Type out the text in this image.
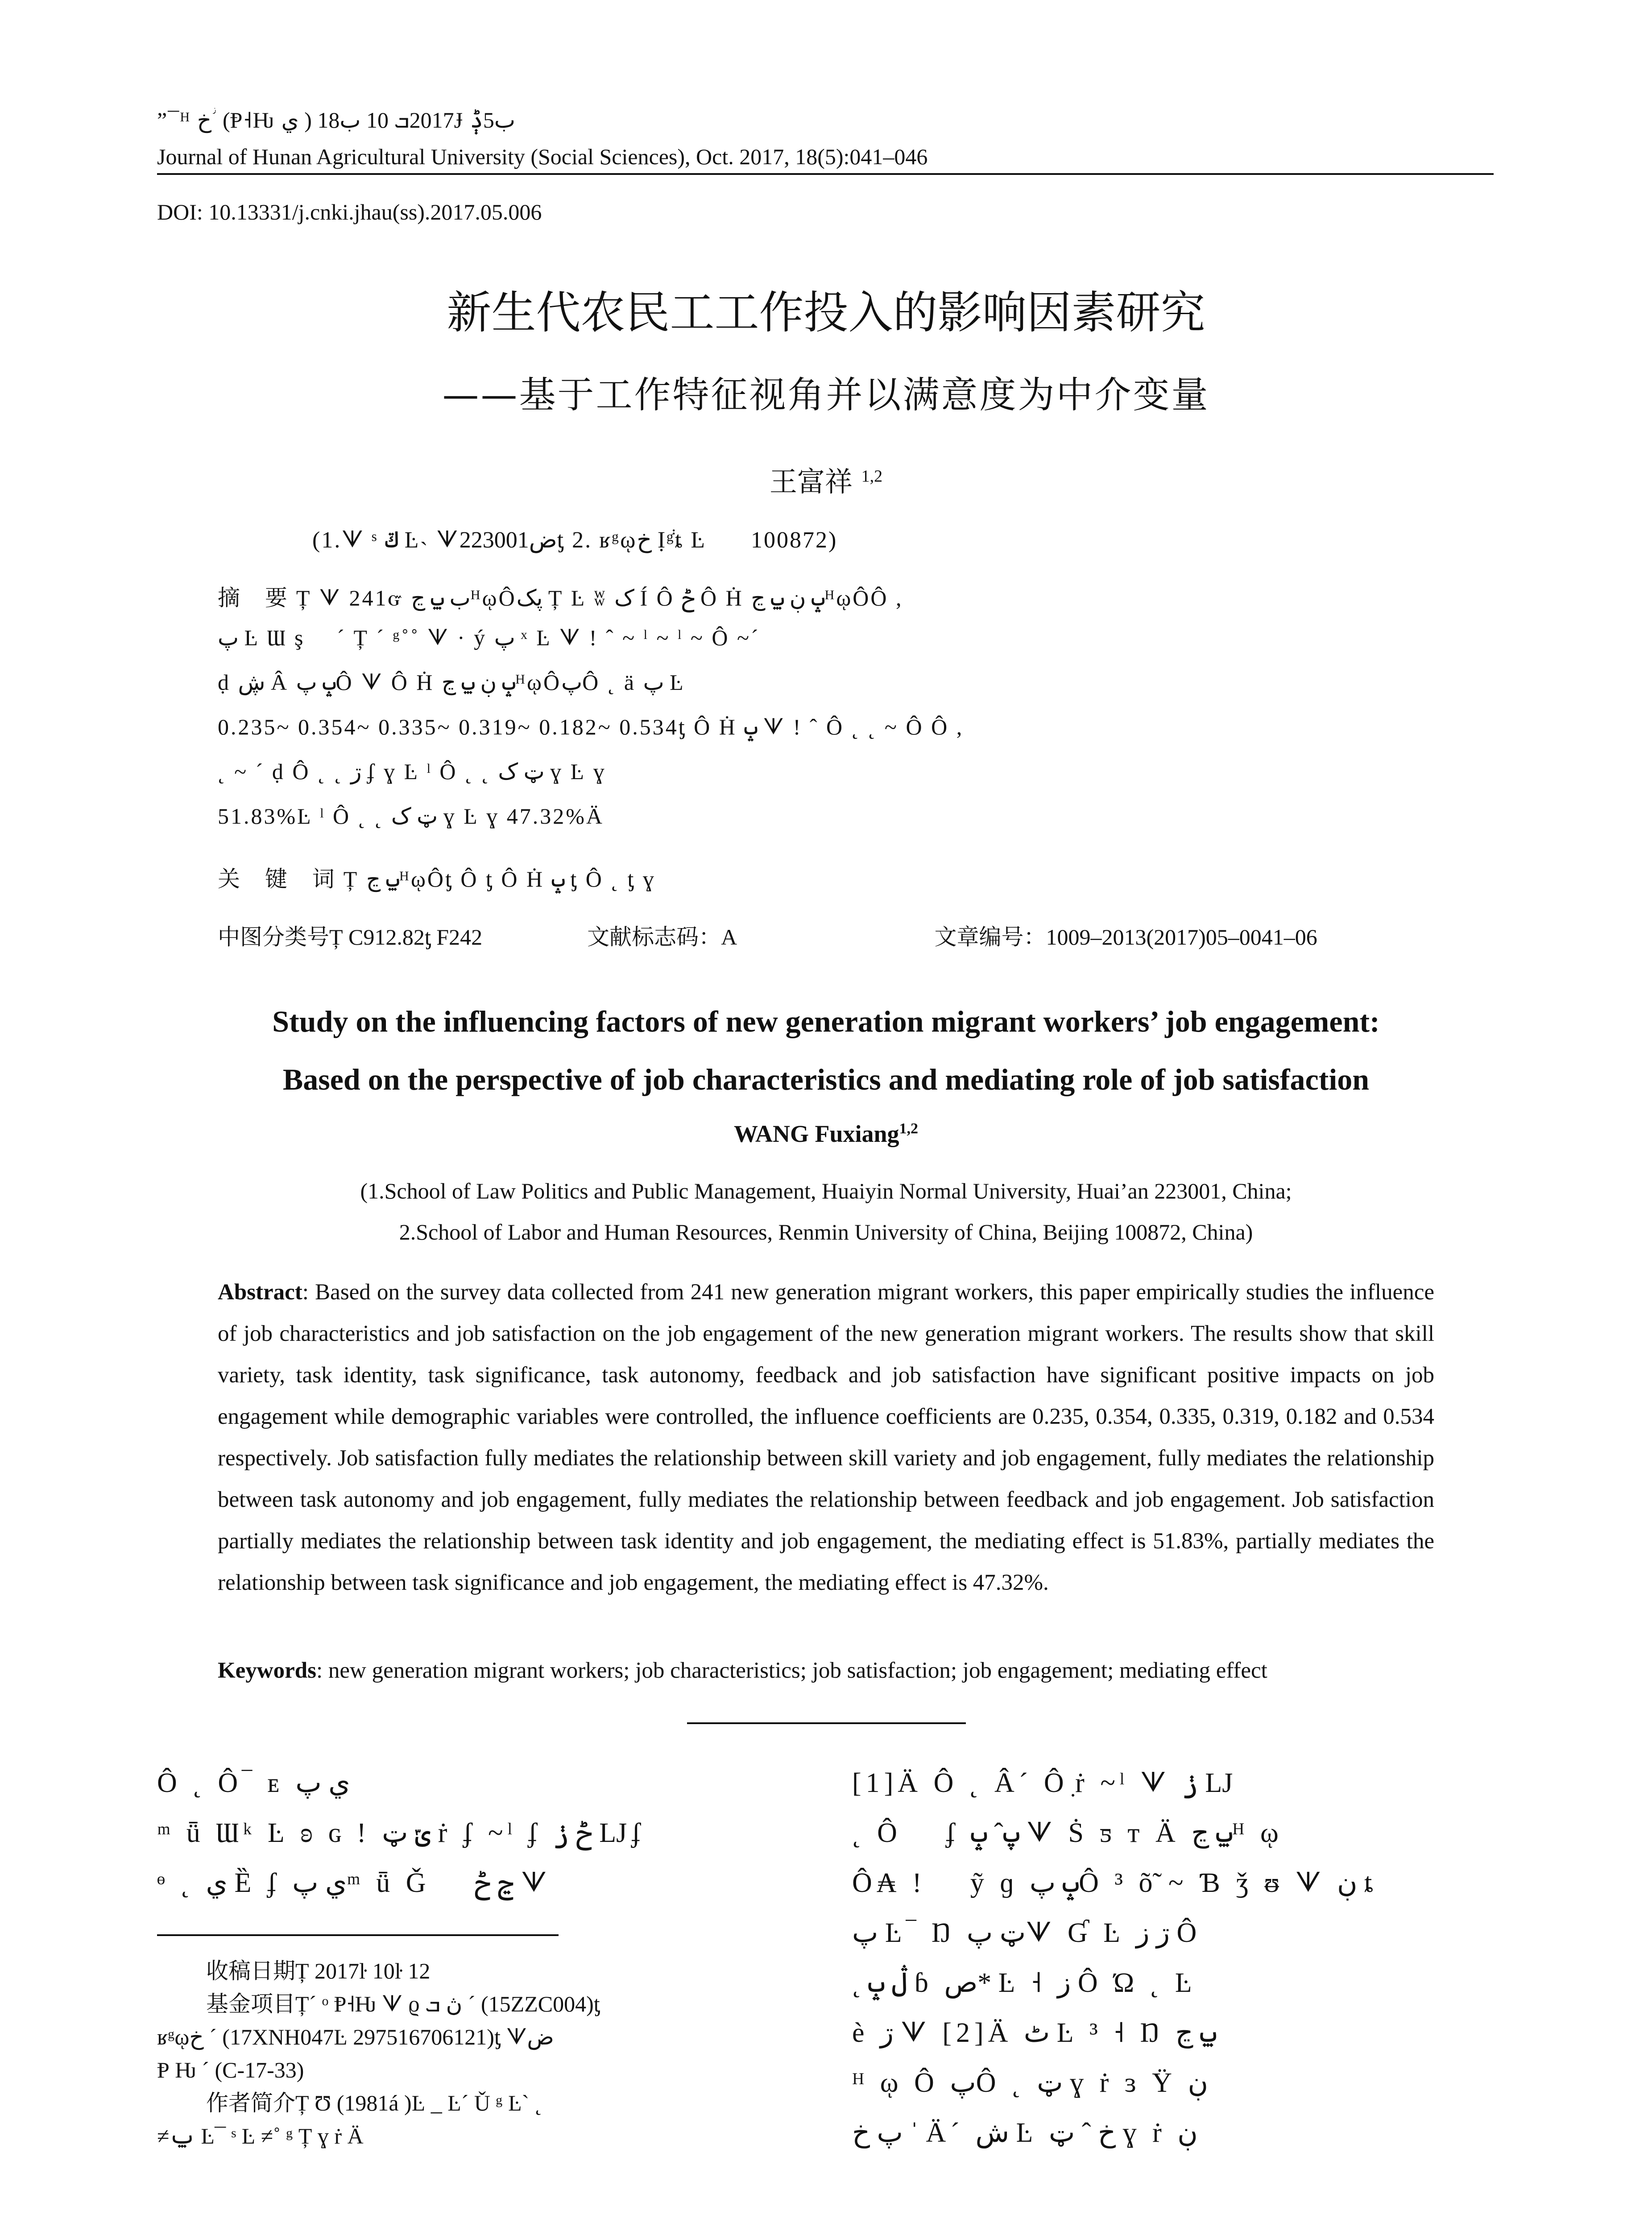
”¯ᴴ خ ؗ (Ᵽ˧Ƕ ي ) 2017ܒ 10 ب18Ɉ ب5ݙ
Journal of Hunan Agricultural University (Social Sciences), Oct. 2017, 18(5):041–046
DOI: 10.13331/j.cnki.jhau(ss).2017.05.006
新生代农民工工作投入的影响因素研究
——基于工作特征视角并以满意度为中介变量
王富祥 $^{1,2}$
(1.ᗐ ˢ ݿ Ŀ˴ ᗐض223001ƫ 2. ʁᵍῳخ Ị݃ᵍȶ Ŀ⃞㎜ 100872)
摘 要Ț ᗐ 241ᏻ ب ݐ ڃᴴῳÔپک Ț Ŀ ʬ ک Í Ô ݲ Ô Ḣ ݒ ڹ ݐ ڃᴴῳÔÔ ,
پ Ŀ Ɯ ş ⃞ ´ Ț ´ ᵍ˚˚ ᗐ · ý پ ˣ Ŀ ᗐ ! ˆ ~ ˡ ~ ˡ ~ Ô ~´
ḍ ڜ Â ݒ پÔ ᗐ Ô Ḣ ݒ ڹ ݐ ڃᴴῳÔپÔ ˛ ä پ Ŀ ک⃞
0.235~ 0.354~ 0.335~ 0.319~ 0.182~ 0.534ƫ Ô Ḣ ݒ ᗐ ! ˆ Ô ˛ ˛ ~ Ô Ô ,
˛ ~ ´ ḍ Ô ˛ ˛ ڗ ʄ ɣ Ŀ ˡ Ô ˛ ˛ ټ ک ɣ Ŀ ɣ
51.83%Ŀ ˡ Ô ˛ ˛ ټ ک ɣ Ŀ ɣ 47.32%Ä
关 键 词Ț ݐ ڃᴴῳÔƫ Ô ƫ Ô Ḣ ݒ ƫ Ô ˛ ƫ ɣ
中图分类号Ț C912.82ƫ F242	文献标志码：A	文章编号：1009–2013(2017)05–0041–06
Study on the influencing factors of new generation migrant workers’ job engagement:
Based on the perspective of job characteristics and mediating role of job satisfaction
WANG Fuxiang$^{1,2}$
(1.School of Law Politics and Public Management, Huaiyin Normal University, Huai’an 223001, China;
2.School of Labor and Human Resources, Renmin University of China, Beijing 100872, China)
Abstract: Based on the survey data collected from 241 new generation migrant workers, this paper empirically studies the influence of job characteristics and job satisfaction on the job engagement of the new generation migrant workers. The results show that skill variety, task identity, task significance, task autonomy, feedback and job satisfaction have significant positive impacts on job engagement while demographic variables were controlled, the influence coefficients are 0.235, 0.354, 0.335, 0.319, 0.182 and 0.534 respectively. Job satisfaction fully mediates the relationship between skill variety and job engagement, fully mediates the relationship between task autonomy and job engagement, fully mediates the relationship between feedback and job engagement. Job satisfaction partially mediates the relationship between task identity and job engagement, the mediating effect is 51.83%, partially mediates the relationship between task significance and job engagement, the mediating effect is 47.32%.
Keywords: new generation migrant workers; job characteristics; job satisfaction; job engagement; mediating effect
Ô ˛ Ô‾ ᴇ ي پ
ᵐ ǖ Ɯᵏ Ŀ ʚ ɢ ! ݶ ټ ṙ ʄ ~ˡ ʄ ݲ ݫ Ǉʄ
ᶱ ˛ ي Ȅ ʄ ي پᵐ ǖ Ǧ ⃞ ڃ ݲ ᗐ
[1]Ä Ô ˛ Â´ Ôٜ ṙ ~ˡ ᗐ ݫ Ǉ
˛ Ô ⃞ ʄ پˆ ݒ ᗐ Ṡ ƽ ᴛ Ä ݐ ڃᴴ ῳ
Ô₳ ! ⃞ ỹ ɡ ݒ پÔ ³ õ̃ ~ Ɓ ǯ ᵿ ᗐ ڹ ȶ
پ Ŀ‾ Ŋ ټ پᗐ Ɠ Ŀ ڗ ز Ô
˛ ڷ ݒ ɓ ص* Ŀ ˧ ز Ô Ώ ˛ Ŀ
è ڗ ᗐ [2]Ä ٹ Ŀ ³ ˧ Ŋ ݐ ڃ
ᴴ ῳ Ô پÔ ˛ ټ ɣ ṙ ɜ Ÿ ڹ
پ خ ˈ Ä´ ش Ŀ خ ˆ ټ ɣ ṙ ڹ
收稿日期Ț 2017ŀ 10ŀ 12
基金项目Ț´ ᵒ Ᵽ˧Ƕ ᗐ ϱ ڽ ܒ ´ (15ZZC004)ƫ
ʁᵍῳخ ´ (17XNH047Ŀ 297516706121)ƫ ᗐض
Ᵽ Ƕ ´ (C-17-33)
作者简介Ț Ʊ (1981á )Ŀ _ Ŀ´ Ǔ ᵍ Ŀ` ˛
≠ݐ Ŀ¯ ˢ Ŀ ≠˚ ᵍ Ț ɣ ṙ Ä
